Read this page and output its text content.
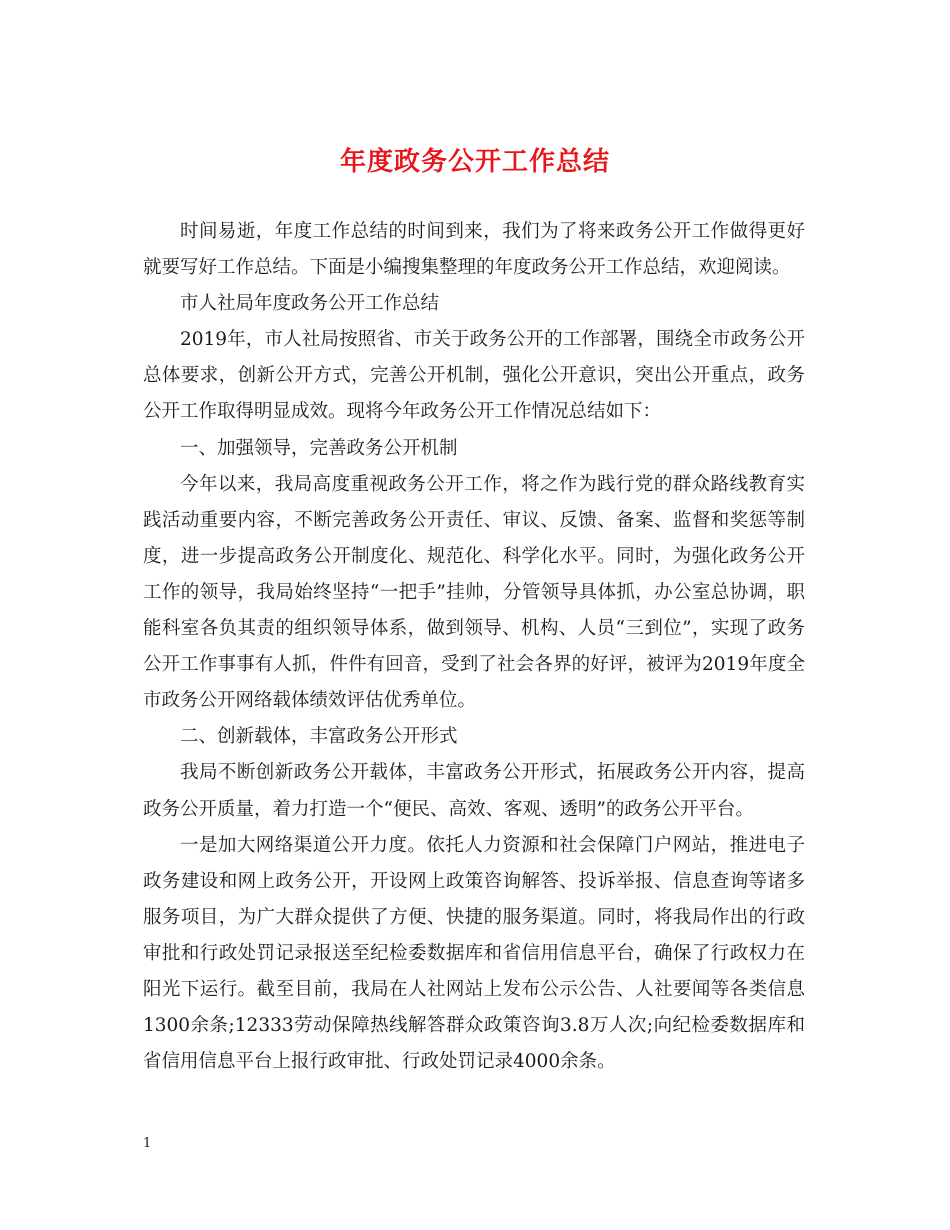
年度政务公开工作总结

时间易逝，年度工作总结的时间到来，我们为了将来政务公开工作做得更好就要写好工作总结。下面是小编搜集整理的年度政务公开工作总结，欢迎阅读。

市人社局年度政务公开工作总结

2019年，市人社局按照省、市关于政务公开的工作部署，围绕全市政务公开总体要求，创新公开方式，完善公开机制，强化公开意识，突出公开重点，政务公开工作取得明显成效。现将今年政务公开工作情况总结如下：

一、加强领导，完善政务公开机制

今年以来，我局高度重视政务公开工作，将之作为践行党的群众路线教育实践活动重要内容，不断完善政务公开责任、审议、反馈、备案、监督和奖惩等制度，进一步提高政务公开制度化、规范化、科学化水平。同时，为强化政务公开工作的领导，我局始终坚持“一把手”挂帅，分管领导具体抓，办公室总协调，职能科室各负其责的组织领导体系，做到领导、机构、人员“三到位”，实现了政务公开工作事事有人抓，件件有回音，受到了社会各界的好评，被评为2019年度全市政务公开网络载体绩效评估优秀单位。

二、创新载体，丰富政务公开形式

我局不断创新政务公开载体，丰富政务公开形式，拓展政务公开内容，提高政务公开质量，着力打造一个“便民、高效、客观、透明”的政务公开平台。

一是加大网络渠道公开力度。依托人力资源和社会保障门户网站，推进电子政务建设和网上政务公开，开设网上政策咨询解答、投诉举报、信息查询等诸多服务项目，为广大群众提供了方便、快捷的服务渠道。同时，将我局作出的行政审批和行政处罚记录报送至纪检委数据库和省信用信息平台，确保了行政权力在阳光下运行。截至目前，我局在人社网站上发布公示公告、人社要闻等各类信息1300余条;12333劳动保障热线解答群众政策咨询3.8万人次;向纪检委数据库和省信用信息平台上报行政审批、行政处罚记录4000余条。

1
